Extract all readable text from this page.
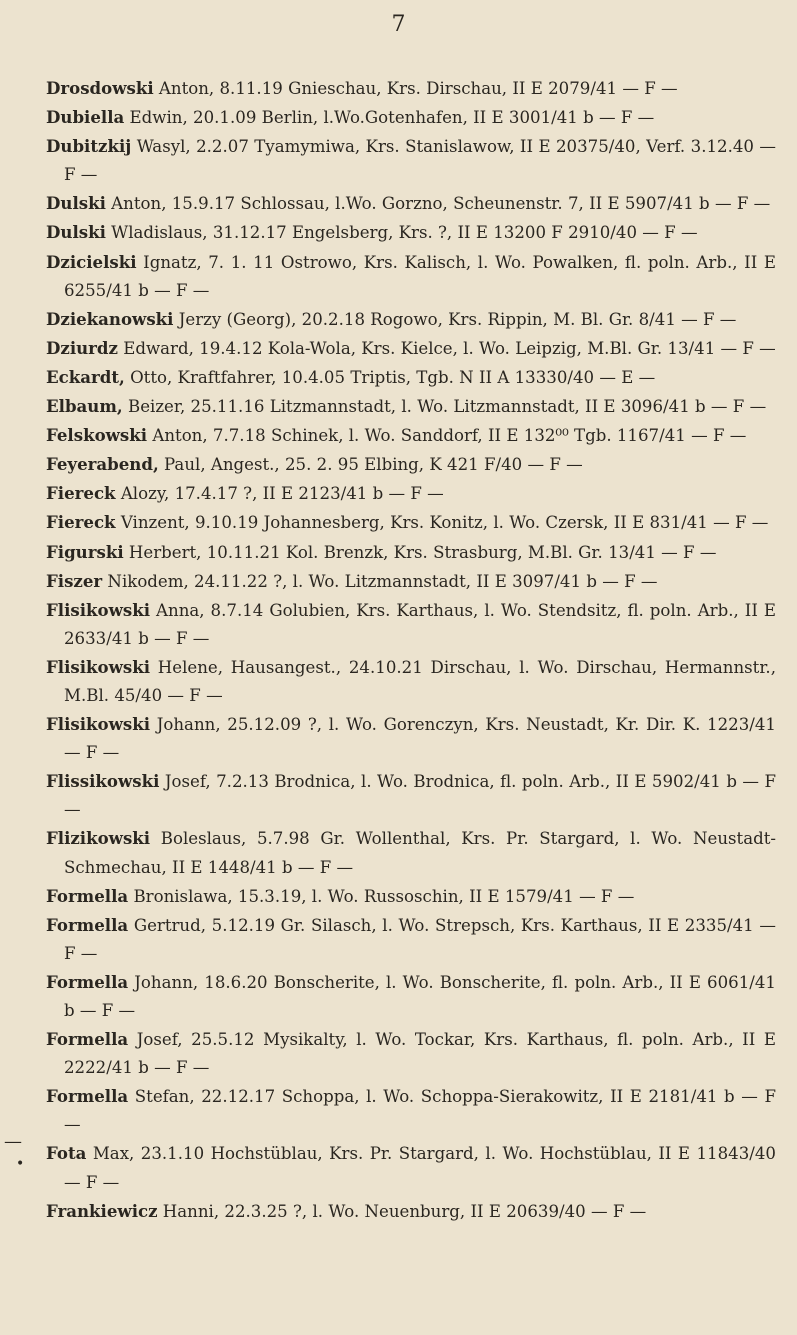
7
—
•
Drosdowski Anton, 8.11.19 Gnieschau, Krs. Dirschau, II E 2079/41 — F —
Dubiella Edwin, 20.1.09 Berlin, l.Wo.Gotenhafen, II E 3001/41 b — F —
Dubitzkij Wasyl, 2.2.07 Tyamymiwa, Krs. Stanislawow, II E 20375/40, Verf. 3.12.40 — F —
Dulski Anton, 15.9.17 Schlossau, l.Wo. Gorzno, Scheunenstr. 7, II E 5907/41 b — F —
Dulski Wladislaus, 31.12.17 Engelsberg, Krs. ?, II E 13200 F 2910/40 — F —
Dzicielski Ignatz, 7. 1. 11 Ostrowo, Krs. Kalisch, l. Wo. Powalken, fl. poln. Arb., II E 6255/41 b — F —
Dziekanowski Jerzy (Georg), 20.2.18 Rogowo, Krs. Rippin, M. Bl. Gr. 8/41 — F —
Dziurdz Edward, 19.4.12 Kola-Wola, Krs. Kielce, l. Wo. Leipzig, M.Bl. Gr. 13/41 — F —
Eckardt, Otto, Kraftfahrer, 10.4.05 Triptis, Tgb. N II A 13330/40 — E —
Elbaum, Beizer, 25.11.16 Litzmannstadt, l. Wo. Litzmannstadt, II E 3096/41 b — F —
Felskowski Anton, 7.7.18 Schinek, l. Wo. Sanddorf, II E 132⁰⁰ Tgb. 1167/41 — F —
Feyerabend, Paul, Angest., 25. 2. 95 Elbing, K 421 F/40 — F —
Fiereck Alozy, 17.4.17 ?, II E 2123/41 b — F —
Fiereck Vinzent, 9.10.19 Johannesberg, Krs. Konitz, l. Wo. Czersk, II E 831/41 — F —
Figurski Herbert, 10.11.21 Kol. Brenzk, Krs. Strasburg, M.Bl. Gr. 13/41 — F —
Fiszer Nikodem, 24.11.22 ?, l. Wo. Litzmannstadt, II E 3097/41 b — F —
Flisikowski Anna, 8.7.14 Golubien, Krs. Karthaus, l. Wo. Stendsitz, fl. poln. Arb., II E 2633/41 b — F —
Flisikowski Helene, Hausangest., 24.10.21 Dirschau, l. Wo. Dirschau, Hermannstr., M.Bl. 45/40 — F —
Flisikowski Johann, 25.12.09 ?, l. Wo. Gorenczyn, Krs. Neustadt, Kr. Dir. K. 1223/41 — F —
Flissikowski Josef, 7.2.13 Brodnica, l. Wo. Brodnica, fl. poln. Arb., II E 5902/41 b — F —
Flizikowski Boleslaus, 5.7.98 Gr. Wollenthal, Krs. Pr. Stargard, l. Wo. Neustadt-Schmechau, II E 1448/41 b — F —
Formella Bronislawa, 15.3.19, l. Wo. Russoschin, II E 1579/41 — F —
Formella Gertrud, 5.12.19 Gr. Silasch, l. Wo. Strepsch, Krs. Karthaus, II E 2335/41 — F —
Formella Johann, 18.6.20 Bonscherite, l. Wo. Bonscherite, fl. poln. Arb., II E 6061/41 b — F —
Formella Josef, 25.5.12 Mysikalty, l. Wo. Tockar, Krs. Karthaus, fl. poln. Arb., II E 2222/41 b — F —
Formella Stefan, 22.12.17 Schoppa, l. Wo. Schoppa-Sierakowitz, II E 2181/41 b — F —
Fota Max, 23.1.10 Hochstüblau, Krs. Pr. Stargard, l. Wo. Hochstüblau, II E 11843/40 — F —
Frankiewicz Hanni, 22.3.25 ?, l. Wo. Neuenburg, II E 20639/40 — F —
